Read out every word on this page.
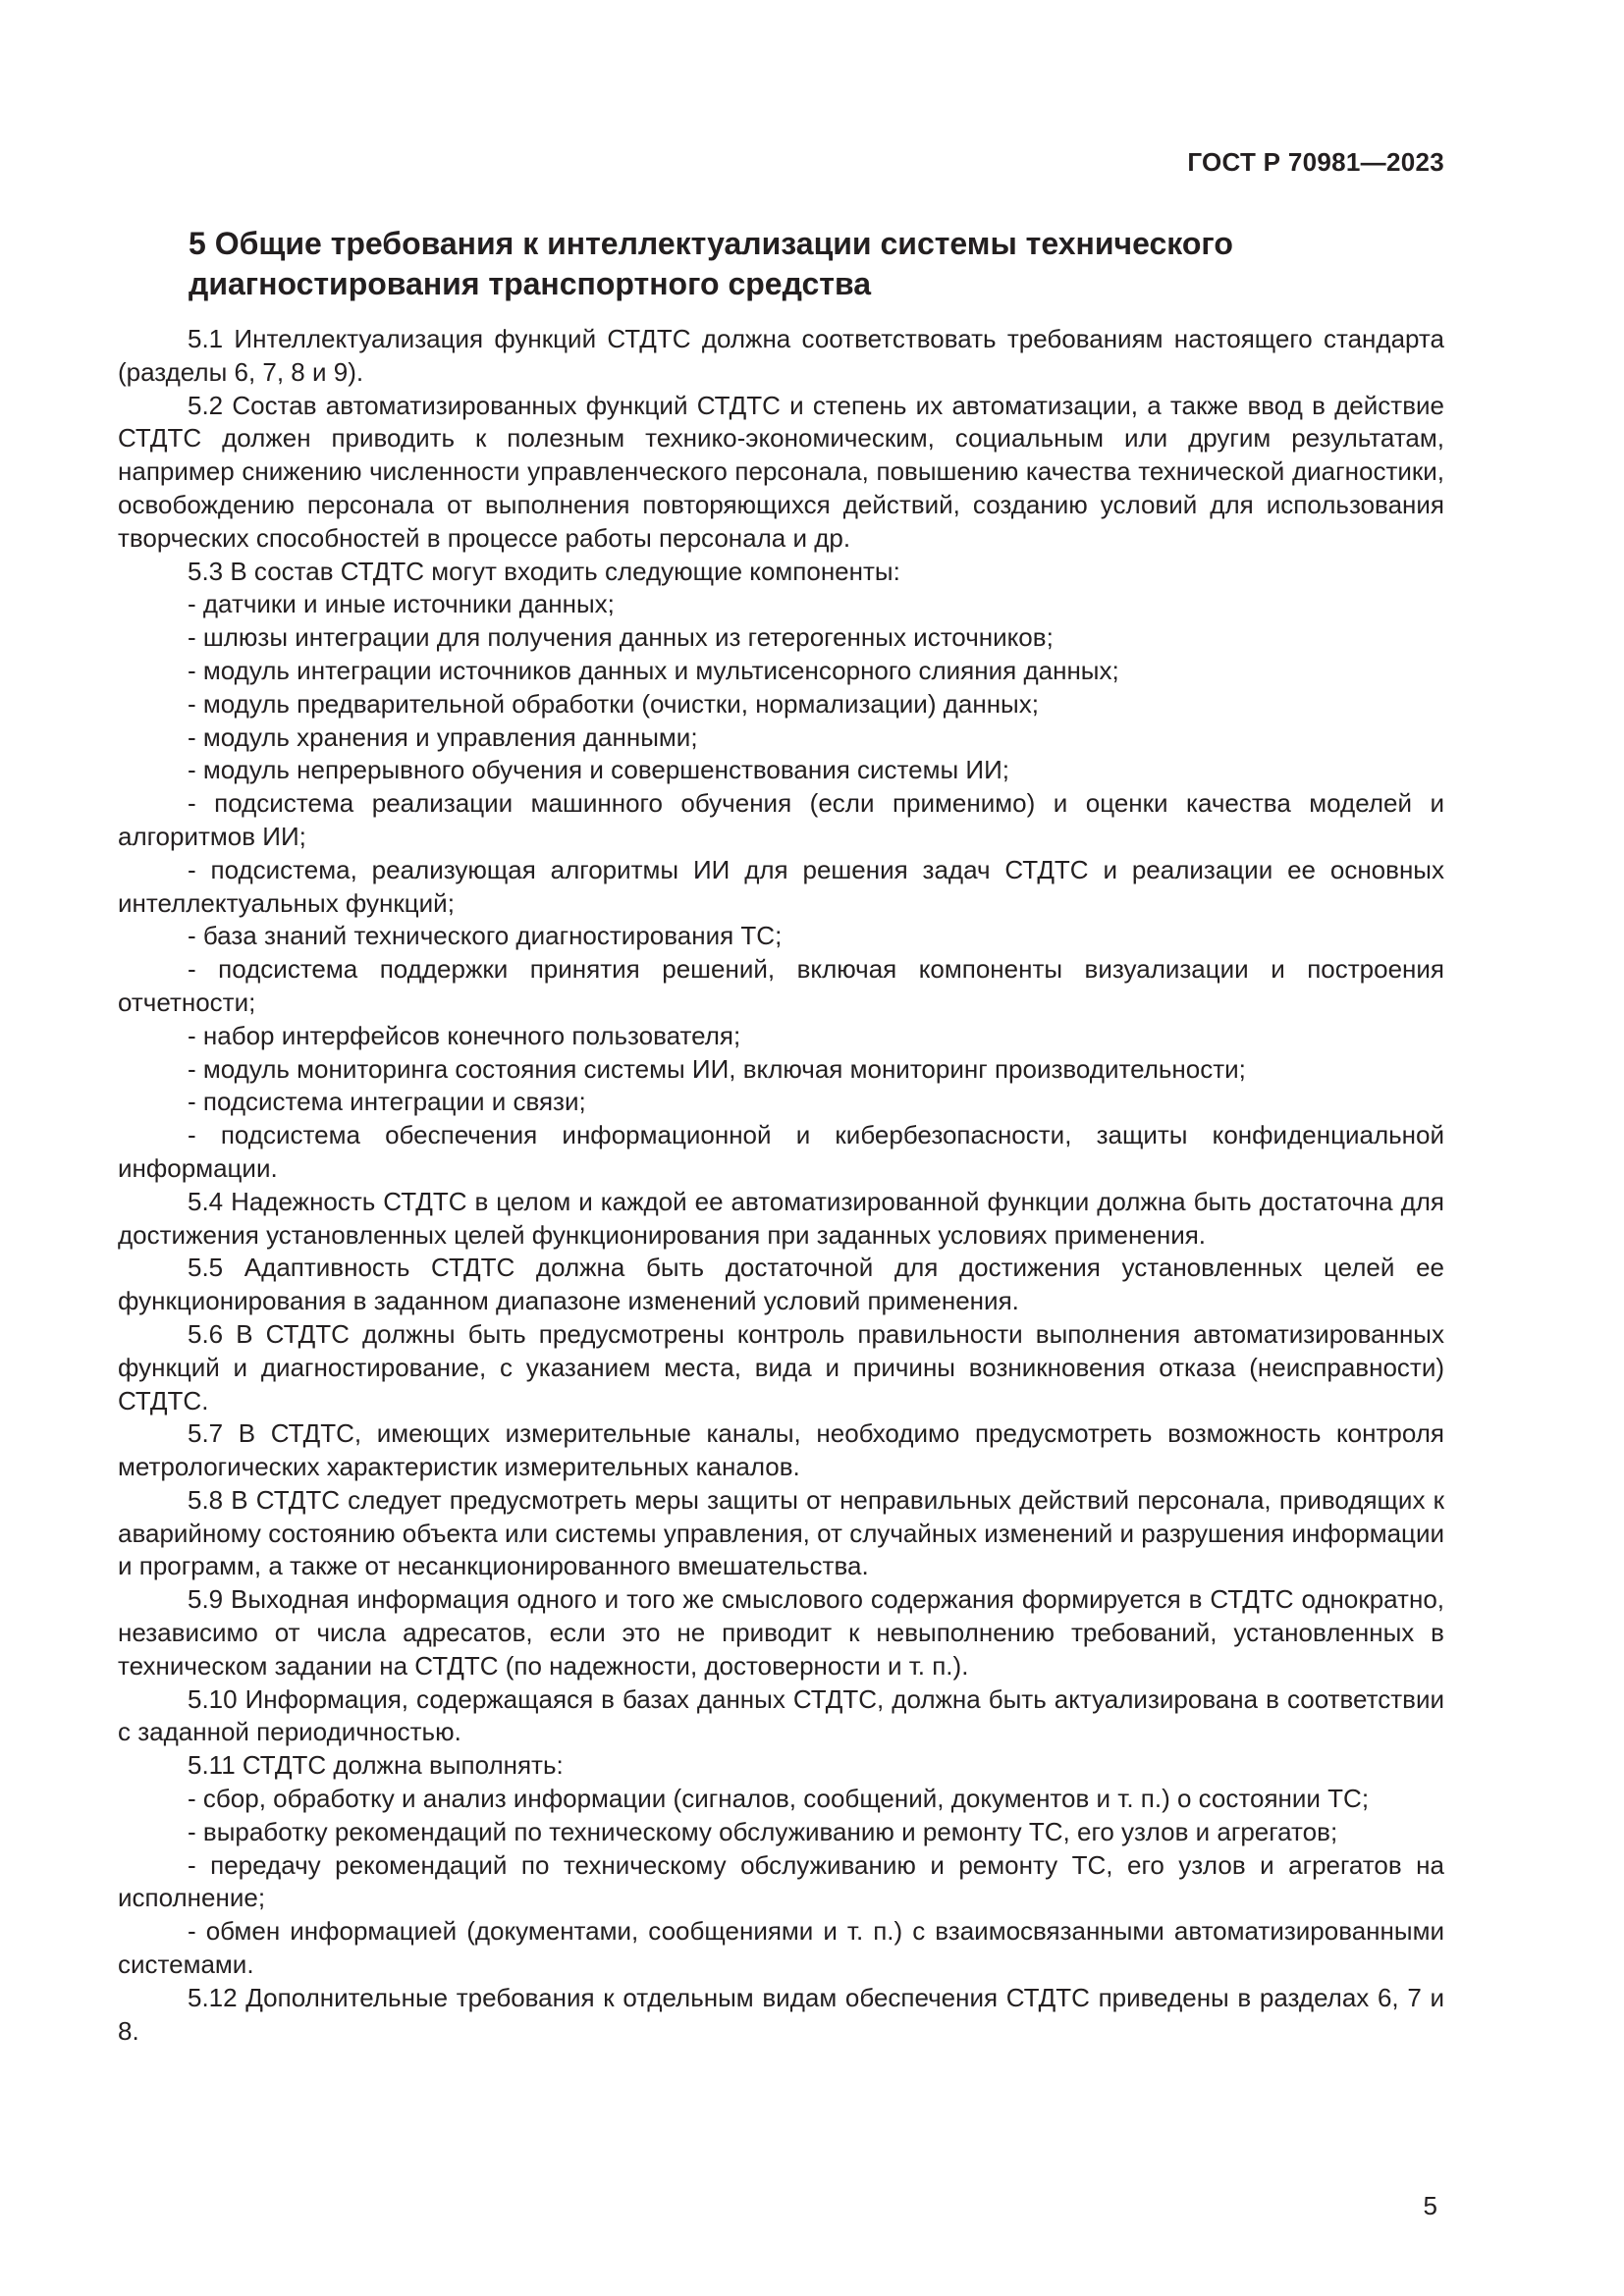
ГОСТ Р 70981—2023
5 Общие требования к интеллектуализации системы технического
диагностирования транспортного средства

5.1 Интеллектуализация функций СТДТС должна соответствовать требованиям настоящего стандарта (разделы 6, 7, 8 и 9).

5.2 Состав автоматизированных функций СТДТС и степень их автоматизации, а также ввод в действие СТДТС должен приводить к полезным технико-экономическим, социальным или другим результатам, например снижению численности управленческого персонала, повышению качества технической диагностики, освобождению персонала от выполнения повторяющихся действий, созданию условий для использования творческих способностей в процессе работы персонала и др.

5.3 В состав СТДТС могут входить следующие компоненты:

- датчики и иные источники данных;

- шлюзы интеграции для получения данных из гетерогенных источников;

- модуль интеграции источников данных и мультисенсорного слияния данных;

- модуль предварительной обработки (очистки, нормализации) данных;

- модуль хранения и управления данными;

- модуль непрерывного обучения и совершенствования системы ИИ;

- подсистема реализации машинного обучения (если применимо) и оценки качества моделей и алгоритмов ИИ;

- подсистема, реализующая алгоритмы ИИ для решения задач СТДТС и реализации ее основных интеллектуальных функций;

- база знаний технического диагностирования ТС;

- подсистема поддержки принятия решений, включая компоненты визуализации и построения отчетности;

- набор интерфейсов конечного пользователя;

- модуль мониторинга состояния системы ИИ, включая мониторинг производительности;

- подсистема интеграции и связи;

- подсистема обеспечения информационной и кибербезопасности, защиты конфиденциальной информации.

5.4 Надежность СТДТС в целом и каждой ее автоматизированной функции должна быть достаточна для достижения установленных целей функционирования при заданных условиях применения.

5.5 Адаптивность СТДТС должна быть достаточной для достижения установленных целей ее функционирования в заданном диапазоне изменений условий применения.

5.6 В СТДТС должны быть предусмотрены контроль правильности выполнения автоматизированных функций и диагностирование, с указанием места, вида и причины возникновения отказа (неисправности) СТДТС.

5.7 В СТДТС, имеющих измерительные каналы, необходимо предусмотреть возможность контроля метрологических характеристик измерительных каналов.

5.8 В СТДТС следует предусмотреть меры защиты от неправильных действий персонала, приводящих к аварийному состоянию объекта или системы управления, от случайных изменений и разрушения информации и программ, а также от несанкционированного вмешательства.

5.9 Выходная информация одного и того же смыслового содержания формируется в СТДТС однократно, независимо от числа адресатов, если это не приводит к невыполнению требований, установленных в техническом задании на СТДТС (по надежности, достоверности и т. п.).

5.10 Информация, содержащаяся в базах данных СТДТС, должна быть актуализирована в соответствии с заданной периодичностью.

5.11 СТДТС должна выполнять:

- сбор, обработку и анализ информации (сигналов, сообщений, документов и т. п.) о состоянии ТС;

- выработку рекомендаций по техническому обслуживанию и ремонту ТС, его узлов и агрегатов;

- передачу рекомендаций по техническому обслуживанию и ремонту ТС, его узлов и агрегатов на исполнение;

- обмен информацией (документами, сообщениями и т. п.) с взаимосвязанными автоматизированными системами.

5.12 Дополнительные требования к отдельным видам обеспечения СТДТС приведены в разделах 6, 7 и 8.

5
